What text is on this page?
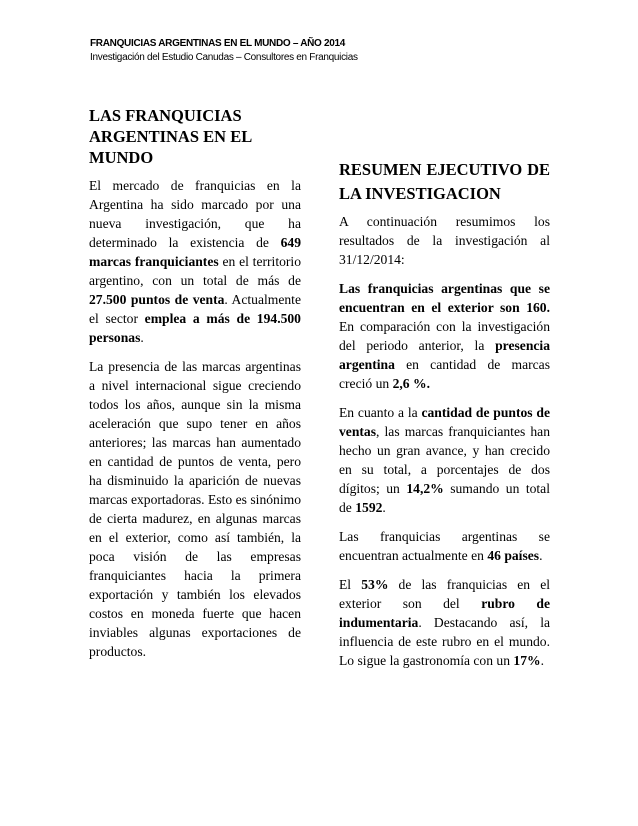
FRANQUICIAS ARGENTINAS EN EL MUNDO – AÑO 2014
Investigación del Estudio Canudas – Consultores en Franquicias
LAS FRANQUICIAS
ARGENTINAS EN EL MUNDO

El mercado de franquicias en la Argentina ha sido marcado por una nueva investigación, que ha determinado la existencia de 649 marcas franquiciantes en el territorio argentino, con un total de más de 27.500 puntos de venta. Actualmente el sector emplea a más de 194.500 personas.

La presencia de las marcas argentinas a nivel internacional sigue creciendo todos los años, aunque sin la misma aceleración que supo tener en años anteriores; las marcas han aumentado en cantidad de puntos de venta, pero ha disminuido la aparición de nuevas marcas exportadoras. Esto es sinónimo de cierta madurez, en algunas marcas en el exterior, como así también, la poca visión de las empresas franquiciantes hacia la primera exportación y también los elevados costos en moneda fuerte que hacen inviables algunas exportaciones de productos.

RESUMEN EJECUTIVO DE
LA INVESTIGACION

A continuación resumimos los resultados de la investigación al 31/12/2014:

Las franquicias argentinas que se encuentran en el exterior son 160. En comparación con la investigación del periodo anterior, la presencia argentina en cantidad de marcas creció un 2,6 %.

En cuanto a la cantidad de puntos de ventas, las marcas franquiciantes han hecho un gran avance, y han crecido en su total, a porcentajes de dos dígitos; un 14,2% sumando un total de 1592.

Las franquicias argentinas se encuentran actualmente en 46 países.

El 53% de las franquicias en el exterior son del rubro de indumentaria. Destacando así, la influencia de este rubro en el mundo. Lo sigue la gastronomía con un 17%.
